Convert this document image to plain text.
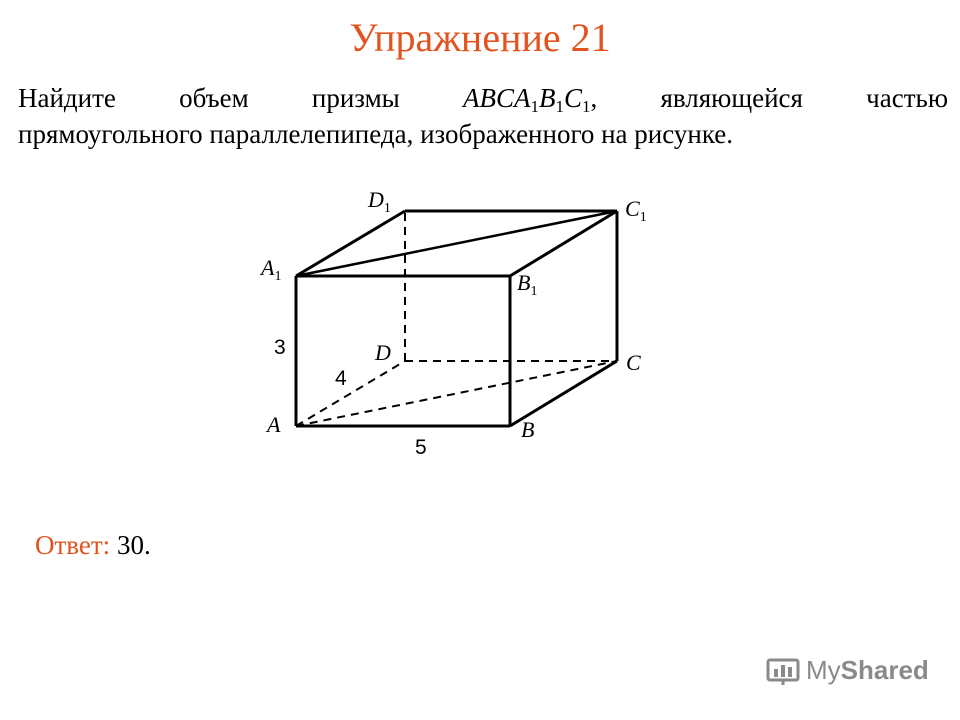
Упражнение 21
Найдите объем призмы $ABCA_1B_1C_1$, являющейся частью
прямоугольного параллелепипеда, изображенного на рисунке.
A	B
C
D
$A_1$	$B_1$
$C_1$
$D_1$
3
4
5
Ответ: 30.
MyShared
